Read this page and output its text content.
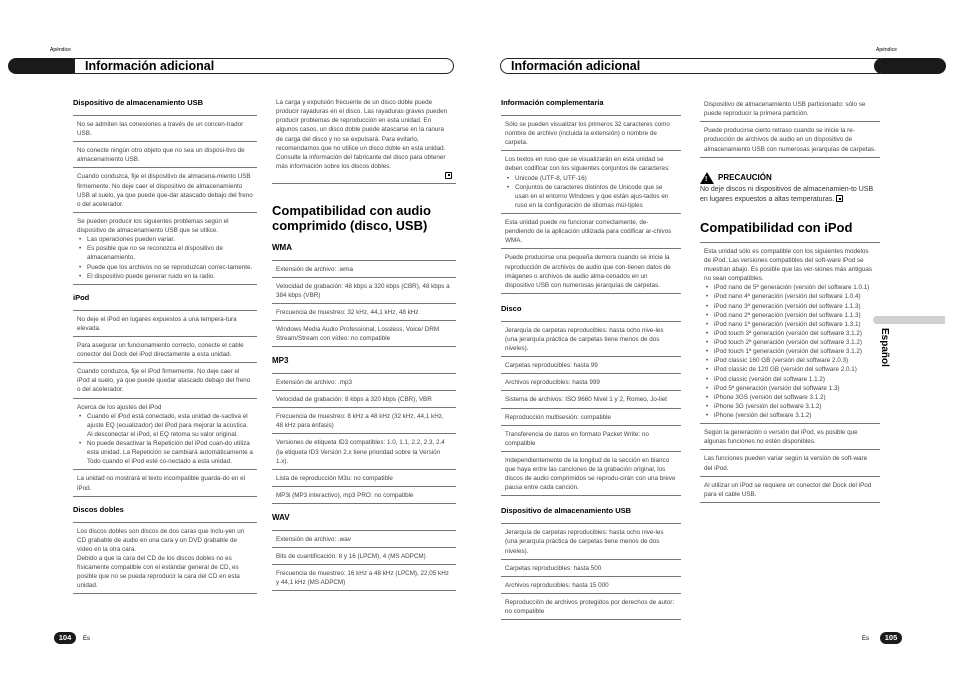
Apéndice	Apéndice
Información adicional	Información adicional
Español
Dispositivo de almacenamiento USB

No se admiten las conexiones a través de un concen-trador USB.

No conecte ningún otro objeto que no sea un disposi-tivo de almacenamiento USB.

Cuando conduzca, fije el dispositivo de almacena-miento USB firmemente. No deje caer el dispositivo de almacenamiento USB al suelo, ya que puede que-dar atascado debajo del freno o del acelerador.

Se pueden producir los siguientes problemas según el dispositivo de almacenamiento USB que se utilice.

• Las operaciones pueden variar.
• Es posible que no se reconozca el dispositivo de almacenamiento.
• Puede que los archivos no se reproduzcan correc-tamente.
• El dispositivo puede generar ruido en la radio.
iPod

No deje el iPod en lugares expuestos a una tempera-tura elevada.

Para asegurar un funcionamiento correcto, conecte el cable conector del Dock del iPod directamente a esta unidad.

Cuando conduzca, fije el iPod firmemente. No deje caer el iPod al suelo, ya que puede quedar atascado debajo del freno o del acelerador.

Acerca de los ajustes del iPod

• Cuando el iPod está conectado, esta unidad de-sactiva el ajuste EQ (ecualizador) del iPod para mejorar la acústica. Al desconectar el iPod, el EQ retoma su valor original.
• No puede desactivar la Repetición del iPod cuan-do utiliza esta unidad. La Repetición se cambiará automáticamente a Todo cuando el iPod esté co-nectado a esta unidad.

La unidad no mostrará el texto incompatible guarda-do en el iPod.

Discos dobles

Los discos dobles son discos de dos caras que inclu-yen un CD grabable de audio en una cara y un DVD grabable de vídeo en la otra cara.

Debido a que la cara del CD de los discos dobles no es físicamente compatible con el estándar general de CD, es posible que no se pueda reproducir la cara del CD en esta unidad.

La carga y expulsión frecuente de un disco doble puede producir rayaduras en el disco. Las rayaduras graves pueden producir problemas de reproducción en esta unidad. En algunos casos, un disco doble puede atascarse en la ranura de carga del disco y no se expulsará. Para evitarlo, recomendamos que no utilice un disco doble en esta unidad.

Consulte la información del fabricante del disco para obtener más información sobre los discos dobles.

Compatibilidad con audio comprimido (disco, USB)
WMA

Extensión de archivo: .wma

Velocidad de grabación: 48 kbps a 320 kbps (CBR), 48 kbps a 384 kbps (VBR)

Frecuencia de muestreo: 32 kHz, 44,1 kHz, 48 kHz

Windows Media Audio Professional, Lossless, Voice/ DRM Stream/Stream con vídeo: no compatible

MP3

Extensión de archivo: .mp3

Velocidad de grabación: 8 kbps a 320 kbps (CBR), VBR

Frecuencia de muestreo: 8 kHz a 48 kHz (32 kHz, 44,1 kHz, 48 kHz para énfasis)

Versiones de etiqueta ID3 compatibles: 1.0, 1.1, 2.2, 2.3, 2.4 (la etiqueta ID3 Versión 2.x tiene prioridad sobre la Versión 1.x).

Lista de reproducción M3u: no compatible

MP3i (MP3 interactivo), mp3 PRO: no compatible

WAV

Extensión de archivo: .wav

Bits de cuantificación: 8 y 16 (LPCM), 4 (MS ADPCM)

Frecuencia de muestreo: 16 kHz a 48 kHz (LPCM), 22,05 kHz y 44,1 kHz (MS ADPCM)

Información complementaria

Sólo se pueden visualizar los primeros 32 caracteres como nombre de archivo (incluida la extensión) o nombre de carpeta.

Los textos en ruso que se visualizarán en esta unidad se deben codificar con los siguientes conjuntos de caracteres:

• Unicode (UTF-8, UTF-16)
• Conjuntos de caracteres distintos de Unicode que se usan en el entorno Windows y que están ajus-tados en ruso en la configuración de idiomas múl-tiples

Esta unidad puede no funcionar correctamente, de-pendiendo de la aplicación utilizada para codificar ar-chivos WMA.

Puede producirse una pequeña demora cuando se inicie la reproducción de archivos de audio que con-tienen datos de imágenes o archivos de audio alma-cenados en un dispositivo USB con numerosas jerarquías de carpetas.

Disco

Jerarquía de carpetas reproducibles: hasta ocho nive-les (una jerarquía práctica de carpetas tiene menos de dos niveles).

Carpetas reproducibles: hasta 99

Archivos reproducibles: hasta 999

Sistema de archivos: ISO 9660 Nivel 1 y 2, Romeo, Jo-liet

Reproducción multisesión: compatible

Transferencia de datos en formato Packet Write: no compatible

Independientemente de la longitud de la sección en blanco que haya entre las canciones de la grabación original, los discos de audio comprimidos se reprodu-cirán con una breve pausa entre cada canción.

Dispositivo de almacenamiento USB

Jerarquía de carpetas reproducibles: hasta ocho nive-les (una jerarquía práctica de carpetas tiene menos de dos niveles).

Carpetas reproducibles: hasta 500

Archivos reproducibles: hasta 15 000

Reproducción de archivos protegidos por derechos de autor: no compatible

Dispositivo de almacenamiento USB particionado: sólo se puede reproducir la primera partición.

Puede producirse cierto retraso cuando se inicie la re-producción de archivos de audio en un dispositivo de almacenamiento USB con numerosas jerarquías de carpetas.

! PRECAUCIÓN
No deje discos ni dispositivos de almacenamien-to USB en lugares expuestos a altas temperaturas.
Compatibilidad con iPod

Esta unidad sólo es compatible con los siguientes modelos de iPod. Las versiones compatibles del soft-ware iPod se muestran abajo. Es posible que las ver-siones más antiguas no sean compatibles.

• iPod nano de 5ª generación (versión del software 1.0.1)
• iPod nano 4ª generación (versión del software 1.0.4)
• iPod nano 3ª generación (versión del software 1.1.3)
• iPod nano 2ª generación (versión del software 1.1.3)
• iPod nano 1ª generación (versión del software 1.3.1)
• iPod touch 3ª generación (versión del software 3.1.2)
• iPod touch 2ª generación (versión del software 3.1.2)
• iPod touch 1ª generación (versión del software 3.1.2)
• iPod classic 160 GB (versión del software 2.0.3)
• iPod classic de 120 GB (versión del software 2.0.1)
• iPod classic (versión del software 1.1.2)
• iPod 5ª generación (versión del software 1.3)
• iPhone 3GS (versión del software 3.1.2)
• iPhone 3G (versión del software 3.1.2)
• iPhone (versión del software 3.1.2)

Según la generación o versión del iPod, es posible que algunas funciones no estén disponibles.

Las funciones pueden variar según la versión de soft-ware del iPod.

Al utilizar un iPod se requiere un conector del Dock del iPod para el cable USB.

104	Es	Es	105
